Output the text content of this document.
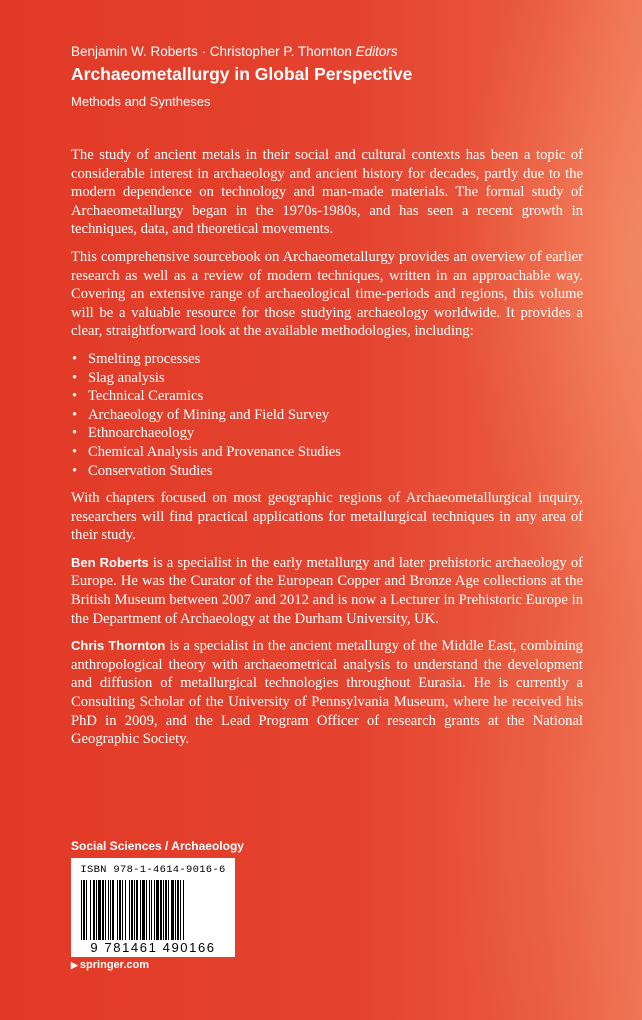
Benjamin W. Roberts · Christopher P. Thornton Editors
Archaeometallurgy in Global Perspective
Methods and Syntheses

The study of ancient metals in their social and cultural contexts has been a topic of considerable interest in archaeology and ancient history for decades, partly due to the modern dependence on technology and man-made materials. The formal study of Archaeometallurgy began in the 1970s-1980s, and has seen a recent growth in techniques, data, and theoretical movements.

This comprehensive sourcebook on Archaeometallurgy provides an overview of earlier research as well as a review of modern techniques, written in an approachable way. Covering an extensive range of archaeological time-periods and regions, this volume will be a valuable resource for those studying archaeology worldwide. It provides a clear, straightforward look at the available methodologies, including:

• Smelting processes
• Slag analysis
• Technical Ceramics
• Archaeology of Mining and Field Survey
• Ethnoarchaeology
• Chemical Analysis and Provenance Studies
• Conservation Studies

With chapters focused on most geographic regions of Archaeometallurgical inquiry, researchers will find practical applications for metallurgical techniques in any area of their study.

Ben Roberts is a specialist in the early metallurgy and later prehistoric archaeology of Europe. He was the Curator of the European Copper and Bronze Age collections at the British Museum between 2007 and 2012 and is now a Lecturer in Prehistoric Europe in the Department of Archaeology at the Durham University, UK.

Chris Thornton is a specialist in the ancient metallurgy of the Middle East, combining anthropological theory with archaeometrical analysis to understand the development and diffusion of metallurgical technologies throughout Eurasia. He is currently a Consulting Scholar of the University of Pennsylvania Museum, where he received his PhD in 2009, and the Lead Program Officer of research grants at the National Geographic Society.

Social Sciences / Archaeology
ISBN 978-1-4614-9016-6
9 781461 490166
▶ springer.com
